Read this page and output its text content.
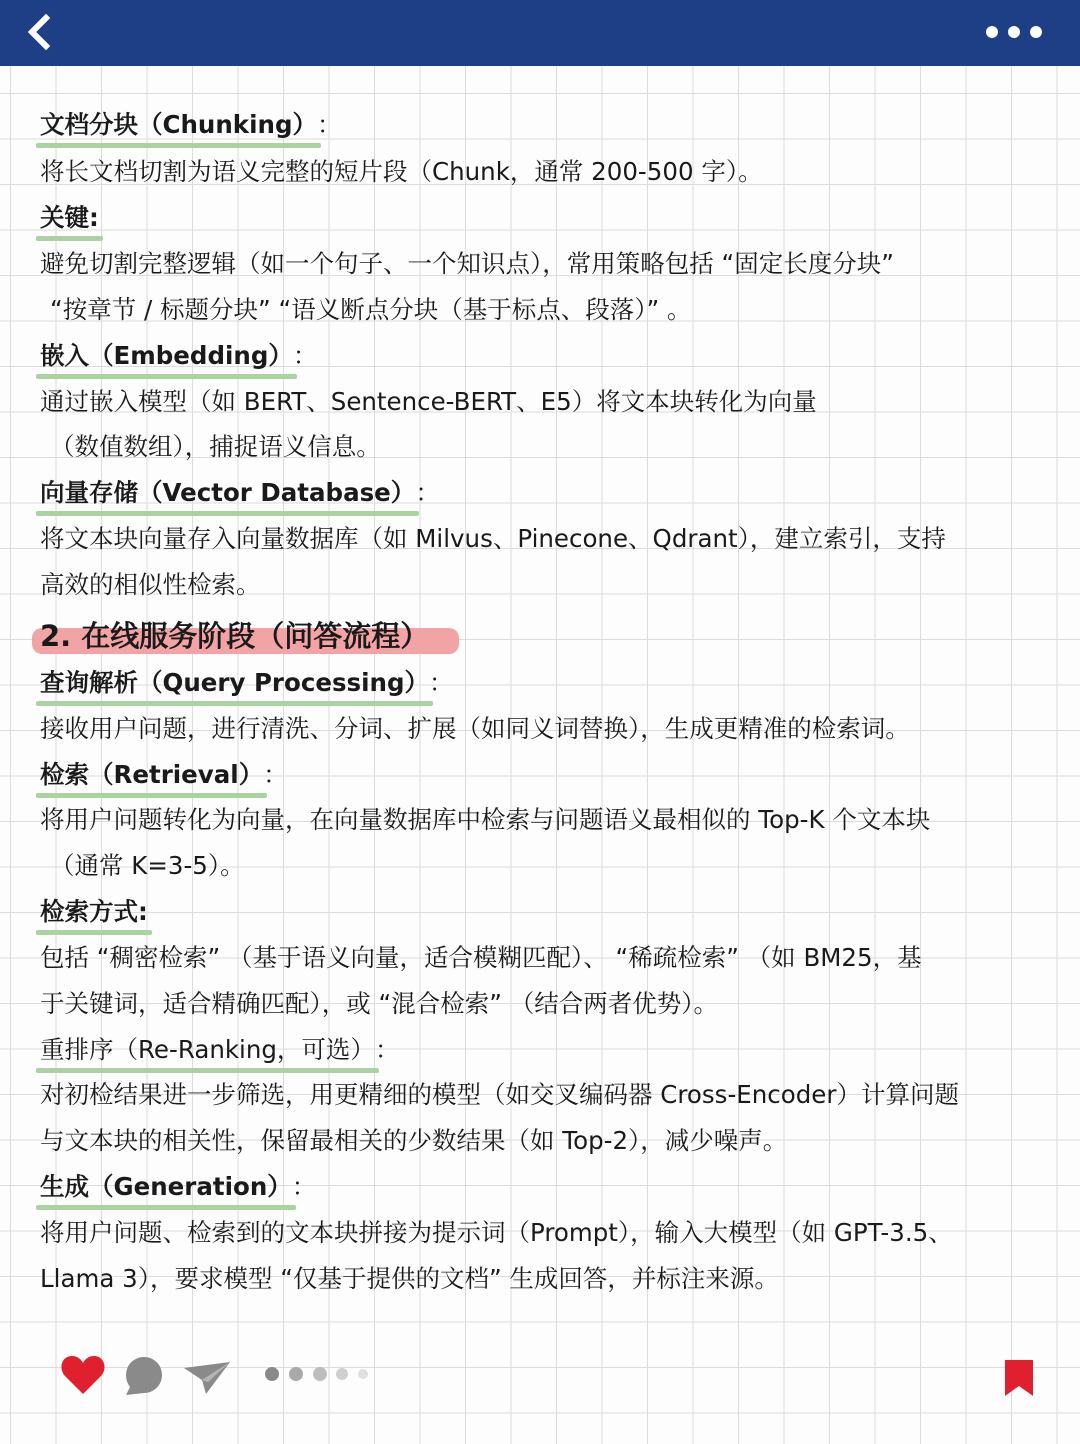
文档分块（Chunking）：
将长文档切割为语义完整的短片段（Chunk，通常 200-500 字）。
关键:
避免切割完整逻辑（如一个句子、一个知识点），常用策略包括 “固定长度分块”
“按章节 / 标题分块” “语义断点分块（基于标点、段落）” 。
嵌入（Embedding）：
通过嵌入模型（如 BERT、Sentence-BERT、E5）将文本块转化为向量
（数值数组），捕捉语义信息。
向量存储（Vector Database）：
将文本块向量存入向量数据库（如 Milvus、Pinecone、Qdrant），建立索引，支持
高效的相似性检索。
2. 在线服务阶段（问答流程）
查询解析（Query Processing）：
接收用户问题，进行清洗、分词、扩展（如同义词替换），生成更精准的检索词。
检索（Retrieval）：
将用户问题转化为向量，在向量数据库中检索与问题语义最相似的 Top-K 个文本块
（通常 K=3-5）。
检索方式:
包括 “稠密检索” （基于语义向量，适合模糊匹配）、 “稀疏检索” （如 BM25，基
于关键词，适合精确匹配），或 “混合检索” （结合两者优势）。
重排序（Re-Ranking，可选）：
对初检结果进一步筛选，用更精细的模型（如交叉编码器 Cross-Encoder）计算问题
与文本块的相关性，保留最相关的少数结果（如 Top-2），减少噪声。
生成（Generation）：
将用户问题、检索到的文本块拼接为提示词（Prompt），输入大模型（如 GPT-3.5、
Llama 3），要求模型 “仅基于提供的文档” 生成回答，并标注来源。
